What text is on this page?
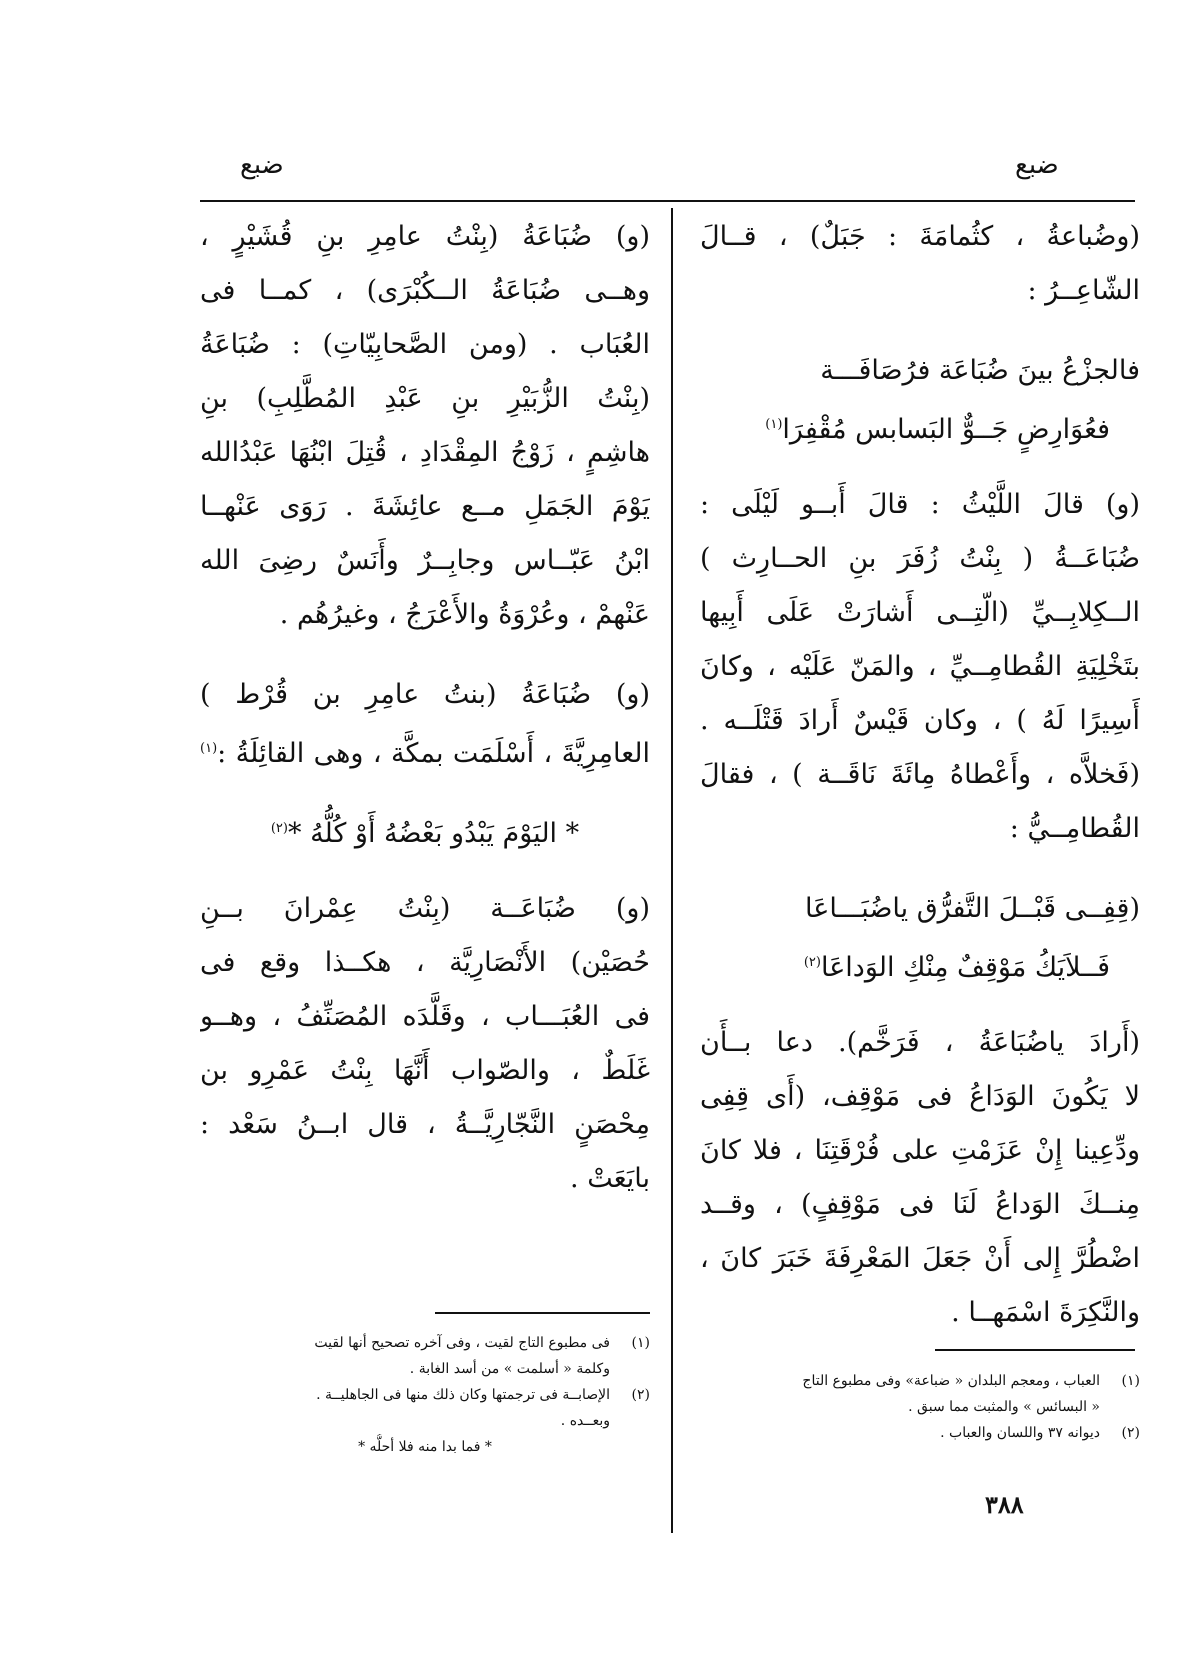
ضبع
ضبع
(وضُباعةُ ، كثُمامَةَ : جَبَلٌ) ، قــالَ
الشّاعِــرُ :
فالجزْعُ بينَ ضُبَاعَة فرُصَافَـــة
فعُوَارِضٍ جَــوٌّ البَسابس مُقْفِرَا$^{(١)}$
(و) قالَ اللَّيْثُ : قالَ أَبــو لَيْلَى :
ضُبَاعَــةُ ( بِنْتُ زُفَرَ بنِ الحــارِث )
الــكِلابِــيِّ (الّتِــى أَشارَتْ عَلَى أَبِيها
بتَخْلِيَةِ القُطامِــيِّ ، والمَنّ عَلَيْه ، وكانَ
أَسِيرًا لَهُ ) ، وكان قَيْسٌ أَرادَ قَتْلَــه .
(فَخلاَّه ، وأَعْطاهُ مِائَةَ نَاقَــة ) ، فقالَ
القُطامِــيُّ :
(قِفِــى قَبْــلَ التَّفرُّق ياضُبَـــاعَا
فَــلاَيَكُ مَوْقِفٌ مِنْكِ الوَداعَا$^{(٢)}$
(أَرادَ ياضُبَاعَةُ ، فَرَخَّم). دعا بــأَن
لا يَكُونَ الوَدَاعُ فى مَوْقِف، (أَى قِفِى
ودِّعِينا إِنْ عَزَمْتِ على فُرْقَتِنَا ، فلا كانَ
مِنــكَ الوَداعُ لَنَا فى مَوْقِفٍ) ، وقــد
اضْطُرَّ إِلى أَنْ جَعَلَ المَعْرِفَةَ خَبَرَ كانَ ،
والنَّكِرَةَ اسْمَهــا .
(١)العباب ، ومعجم البلدان « ضباعة» وفى مطبوع التاج
« البسائس » والمثبت مما سبق .
(٢)ديوانه ٣٧ واللسان والعباب .
(و) ضُبَاعَةُ (بِنْتُ عامِرِ بنِ قُشَيْرٍ ،
وهــى ضُبَاعَةُ الــكُبْرَى) ، كمــا فى
العُبَاب . (ومن الصَّحابِيّاتِ) : ضُبَاعَةُ
(بِنْتُ الزُّبَيْرِ بنِ عَبْدِ المُطَّلِبِ) بنِ
هاشِمٍ ، زَوْجُ المِقْدَادِ ، قُتِلَ ابْنُهَا عَبْدُالله
يَوْمَ الجَمَلِ مــع عائِشَةَ . رَوَى عَنْهــا
ابْنُ عَبّــاس وجابِــرٌ وأَنَسٌ رضِىَ الله
عَنْهمْ ، وعُرْوَةُ والأَعْرَجُ ، وغيرُهُم .
(و) ضُبَاعَةُ (بنتُ عامِرِ بن قُرْط )
العامِرِيَّةَ ، أَسْلَمَت بمكَّة ، وهى القائِلَةُ :$^{(١)}$
* اليَوْمَ يَبْدُو بَعْضُهُ أَوْ كُلُّهُ *$^{(٢)}$
(و) ضُبَاعَــة (بِنْتُ عِمْرانَ بــنِ
حُصَيْن) الأَنْصَارِيَّة ، هكــذا وقع فى
فى العُبَـــاب ، وقَلَّدَه المُصَنِّفُ ، وهــو
غَلَطٌ ، والصّواب أَنَّهَا بِنْتُ عَمْرِو بن
مِحْصَنٍ النَّجّارِيَّــةُ ، قال ابــنُ سَعْد :
بايَعَتْ .
(١)فى مطبوع التاج لقيت ، وفى آخره تصحيح أنها لقيت
وكلمة « أسلمت » من أسد الغابة .
(٢)الإصابــة فى ترجمتها وكان ذلك منها فى الجاهليــة .
وبعــده .
* فما بدا منه فلا أحلُّه *
٣٨٨
